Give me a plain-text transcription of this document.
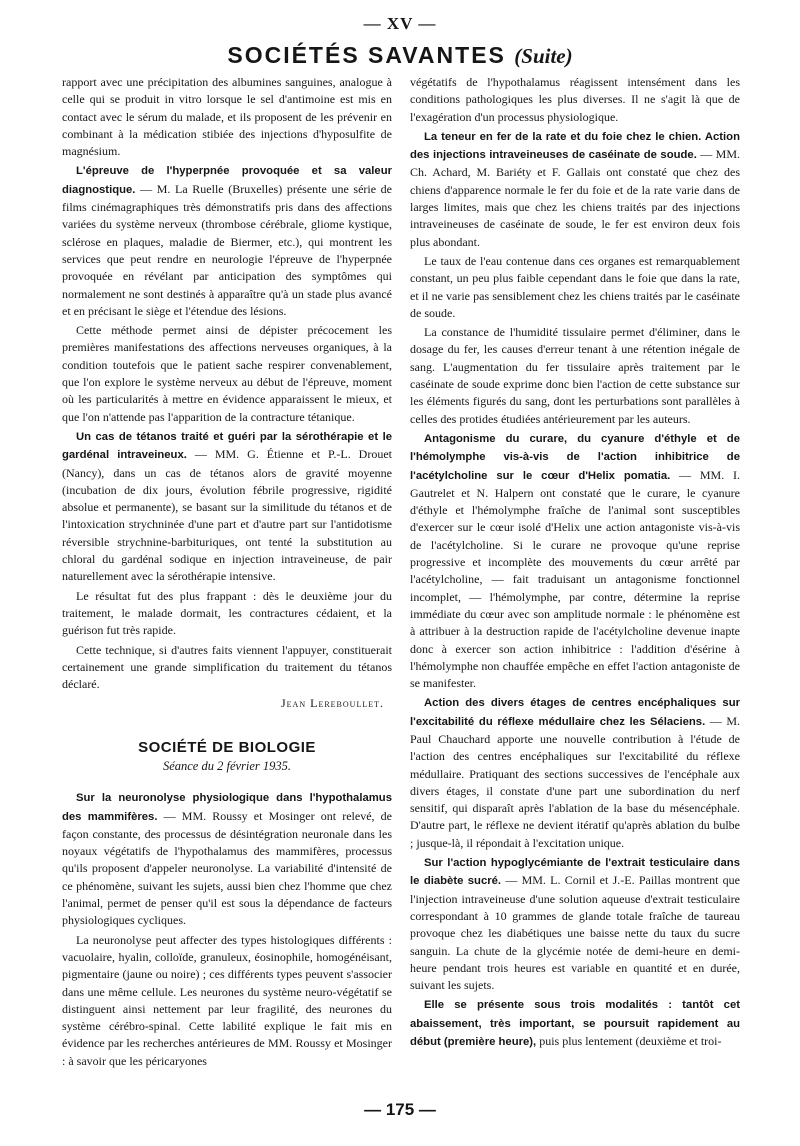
— XV —
SOCIÉTÉS SAVANTES (Suite)

rapport avec une précipitation des albumines sanguines, analogue à celle qui se produit in vitro lorsque le sel d'antimoine est mis en contact avec le sérum du malade, et ils proposent de les prévenir en combinant à la médication stibiée des injections d'hyposulfite de magnésium.

L'épreuve de l'hyperpnée provoquée et sa valeur diagnostique. — M. La Ruelle (Bruxelles) présente une série de films cinémagraphiques très démonstratifs pris dans des affections variées du système nerveux (thrombose cérébrale, gliome kystique, sclérose en plaques, maladie de Biermer, etc.), qui montrent les services que peut rendre en neurologie l'épreuve de l'hyperpnée provoquée en révélant par anticipation des symptômes qui normalement ne sont destinés à apparaître qu'à un stade plus avancé et en précisant le siège et l'étendue des lésions.

Cette méthode permet ainsi de dépister précocement les premières manifestations des affections nerveuses organiques, à la condition toutefois que le patient sache respirer convenablement, que l'on explore le système nerveux au début de l'épreuve, moment où les particularités à mettre en évidence apparaissent le mieux, et que l'on n'attende pas l'apparition de la contracture tétanique.

Un cas de tétanos traité et guéri par la sérothérapie et le gardénal intraveineux. — MM. G. Étienne et P.-L. Drouet (Nancy), dans un cas de tétanos alors de gravité moyenne (incubation de dix jours, évolution fébrile progressive, rigidité absolue et permanente), se basant sur la similitude du tétanos et de l'intoxication strychninée d'une part et d'autre part sur l'antidotisme réversible strychnine-barbituriques, ont tenté la substitution au chloral du gardénal sodique en injection intraveineuse, de pair naturellement avec la sérothérapie intensive.

Le résultat fut des plus frappant : dès le deuxième jour du traitement, le malade dormait, les contractures cédaient, et la guérison fut très rapide.

Cette technique, si d'autres faits viennent l'appuyer, constituerait certainement une grande simplification du traitement du tétanos déclaré.

Jean Lereboullet.
SOCIÉTÉ DE BIOLOGIE
Séance du 2 février 1935.

Sur la neuronolyse physiologique dans l'hypothalamus des mammifères. — MM. Roussy et Mosinger ont relevé, de façon constante, des processus de désintégration neuronale dans les noyaux végétatifs de l'hypothalamus des mammifères, processus qu'ils proposent d'appeler neuronolyse. La variabilité d'intensité de ce phénomène, suivant les sujets, aussi bien chez l'homme que chez l'animal, permet de penser qu'il est sous la dépendance de facteurs physiologiques cycliques.

La neuronolyse peut affecter des types histologiques différents : vacuolaire, hyalin, colloïde, granuleux, éosinophile, homogénéisant, pigmentaire (jaune ou noire) ; ces différents types peuvent s'associer dans une même cellule. Les neurones du système neuro-végétatif se distinguent ainsi nettement par leur fragilité, des neurones du système cérébro-spinal. Cette labilité explique le fait mis en évidence par les recherches antérieures de MM. Roussy et Mosinger : à savoir que les péricaryones

végétatifs de l'hypothalamus réagissent intensément dans les conditions pathologiques les plus diverses. Il ne s'agit là que de l'exagération d'un processus physiologique.

La teneur en fer de la rate et du foie chez le chien. Action des injections intraveineuses de caséinate de soude. — MM. Ch. Achard, M. Bariéty et F. Gallais ont constaté que chez des chiens d'apparence normale le fer du foie et de la rate varie dans de larges limites, mais que chez les chiens traités par des injections intraveineuses de caséinate de soude, le fer est environ deux fois plus abondant.

Le taux de l'eau contenue dans ces organes est remarquablement constant, un peu plus faible cependant dans le foie que dans la rate, et il ne varie pas sensiblement chez les chiens traités par le caséinate de soude.

La constance de l'humidité tissulaire permet d'éliminer, dans le dosage du fer, les causes d'erreur tenant à une rétention inégale de sang. L'augmentation du fer tissulaire après traitement par le caséinate de soude exprime donc bien l'action de cette substance sur les éléments figurés du sang, dont les perturbations sont parallèles à celles des protides étudiées antérieurement par les auteurs.

Antagonisme du curare, du cyanure d'éthyle et de l'hémolymphe vis-à-vis de l'action inhibitrice de l'acétylcholine sur le cœur d'Helix pomatia. — MM. I. Gautrelet et N. Halpern ont constaté que le curare, le cyanure d'éthyle et l'hémolymphe fraîche de l'animal sont susceptibles d'exercer sur le cœur isolé d'Helix une action antagoniste vis-à-vis de l'acétylcholine. Si le curare ne provoque qu'une reprise progressive et incomplète des mouvements du cœur arrêté par l'acétylcholine, — fait traduisant un antagonisme fonctionnel incomplet, — l'hémolymphe, par contre, détermine la reprise immédiate du cœur avec son amplitude normale : le phénomène est à attribuer à la destruction rapide de l'acétylcholine devenue inapte donc à exercer son action inhibitrice : l'addition d'ésérine à l'hémolymphe non chauffée empêche en effet l'action antagoniste de se manifester.

Action des divers étages de centres encéphaliques sur l'excitabilité du réflexe médullaire chez les Sélaciens. — M. Paul Chauchard apporte une nouvelle contribution à l'étude de l'action des centres encéphaliques sur l'excitabilité du réflexe médullaire. Pratiquant des sections successives de l'encéphale aux divers étages, il constate d'une part une subordination du nerf sensitif, qui disparaît après l'ablation de la base du mésencéphale. D'autre part, le réflexe ne devient itératif qu'après ablation du bulbe ; jusque-là, il répondait à l'excitation unique.

Sur l'action hypoglycémiante de l'extrait testiculaire dans le diabète sucré. — MM. L. Cornil et J.-E. Paillas montrent que l'injection intraveineuse d'une solution aqueuse d'extrait testiculaire correspondant à 10 grammes de glande totale fraîche de taureau provoque chez les diabétiques une baisse nette du taux du sucre sanguin. La chute de la glycémie notée de demi-heure en demi-heure pendant trois heures est variable en quantité et en durée, suivant les sujets.

Elle se présente sous trois modalités : tantôt cet abaissement, très important, se poursuit rapidement au début (première heure), puis plus lentement (deuxième et troi-

— 175 —
